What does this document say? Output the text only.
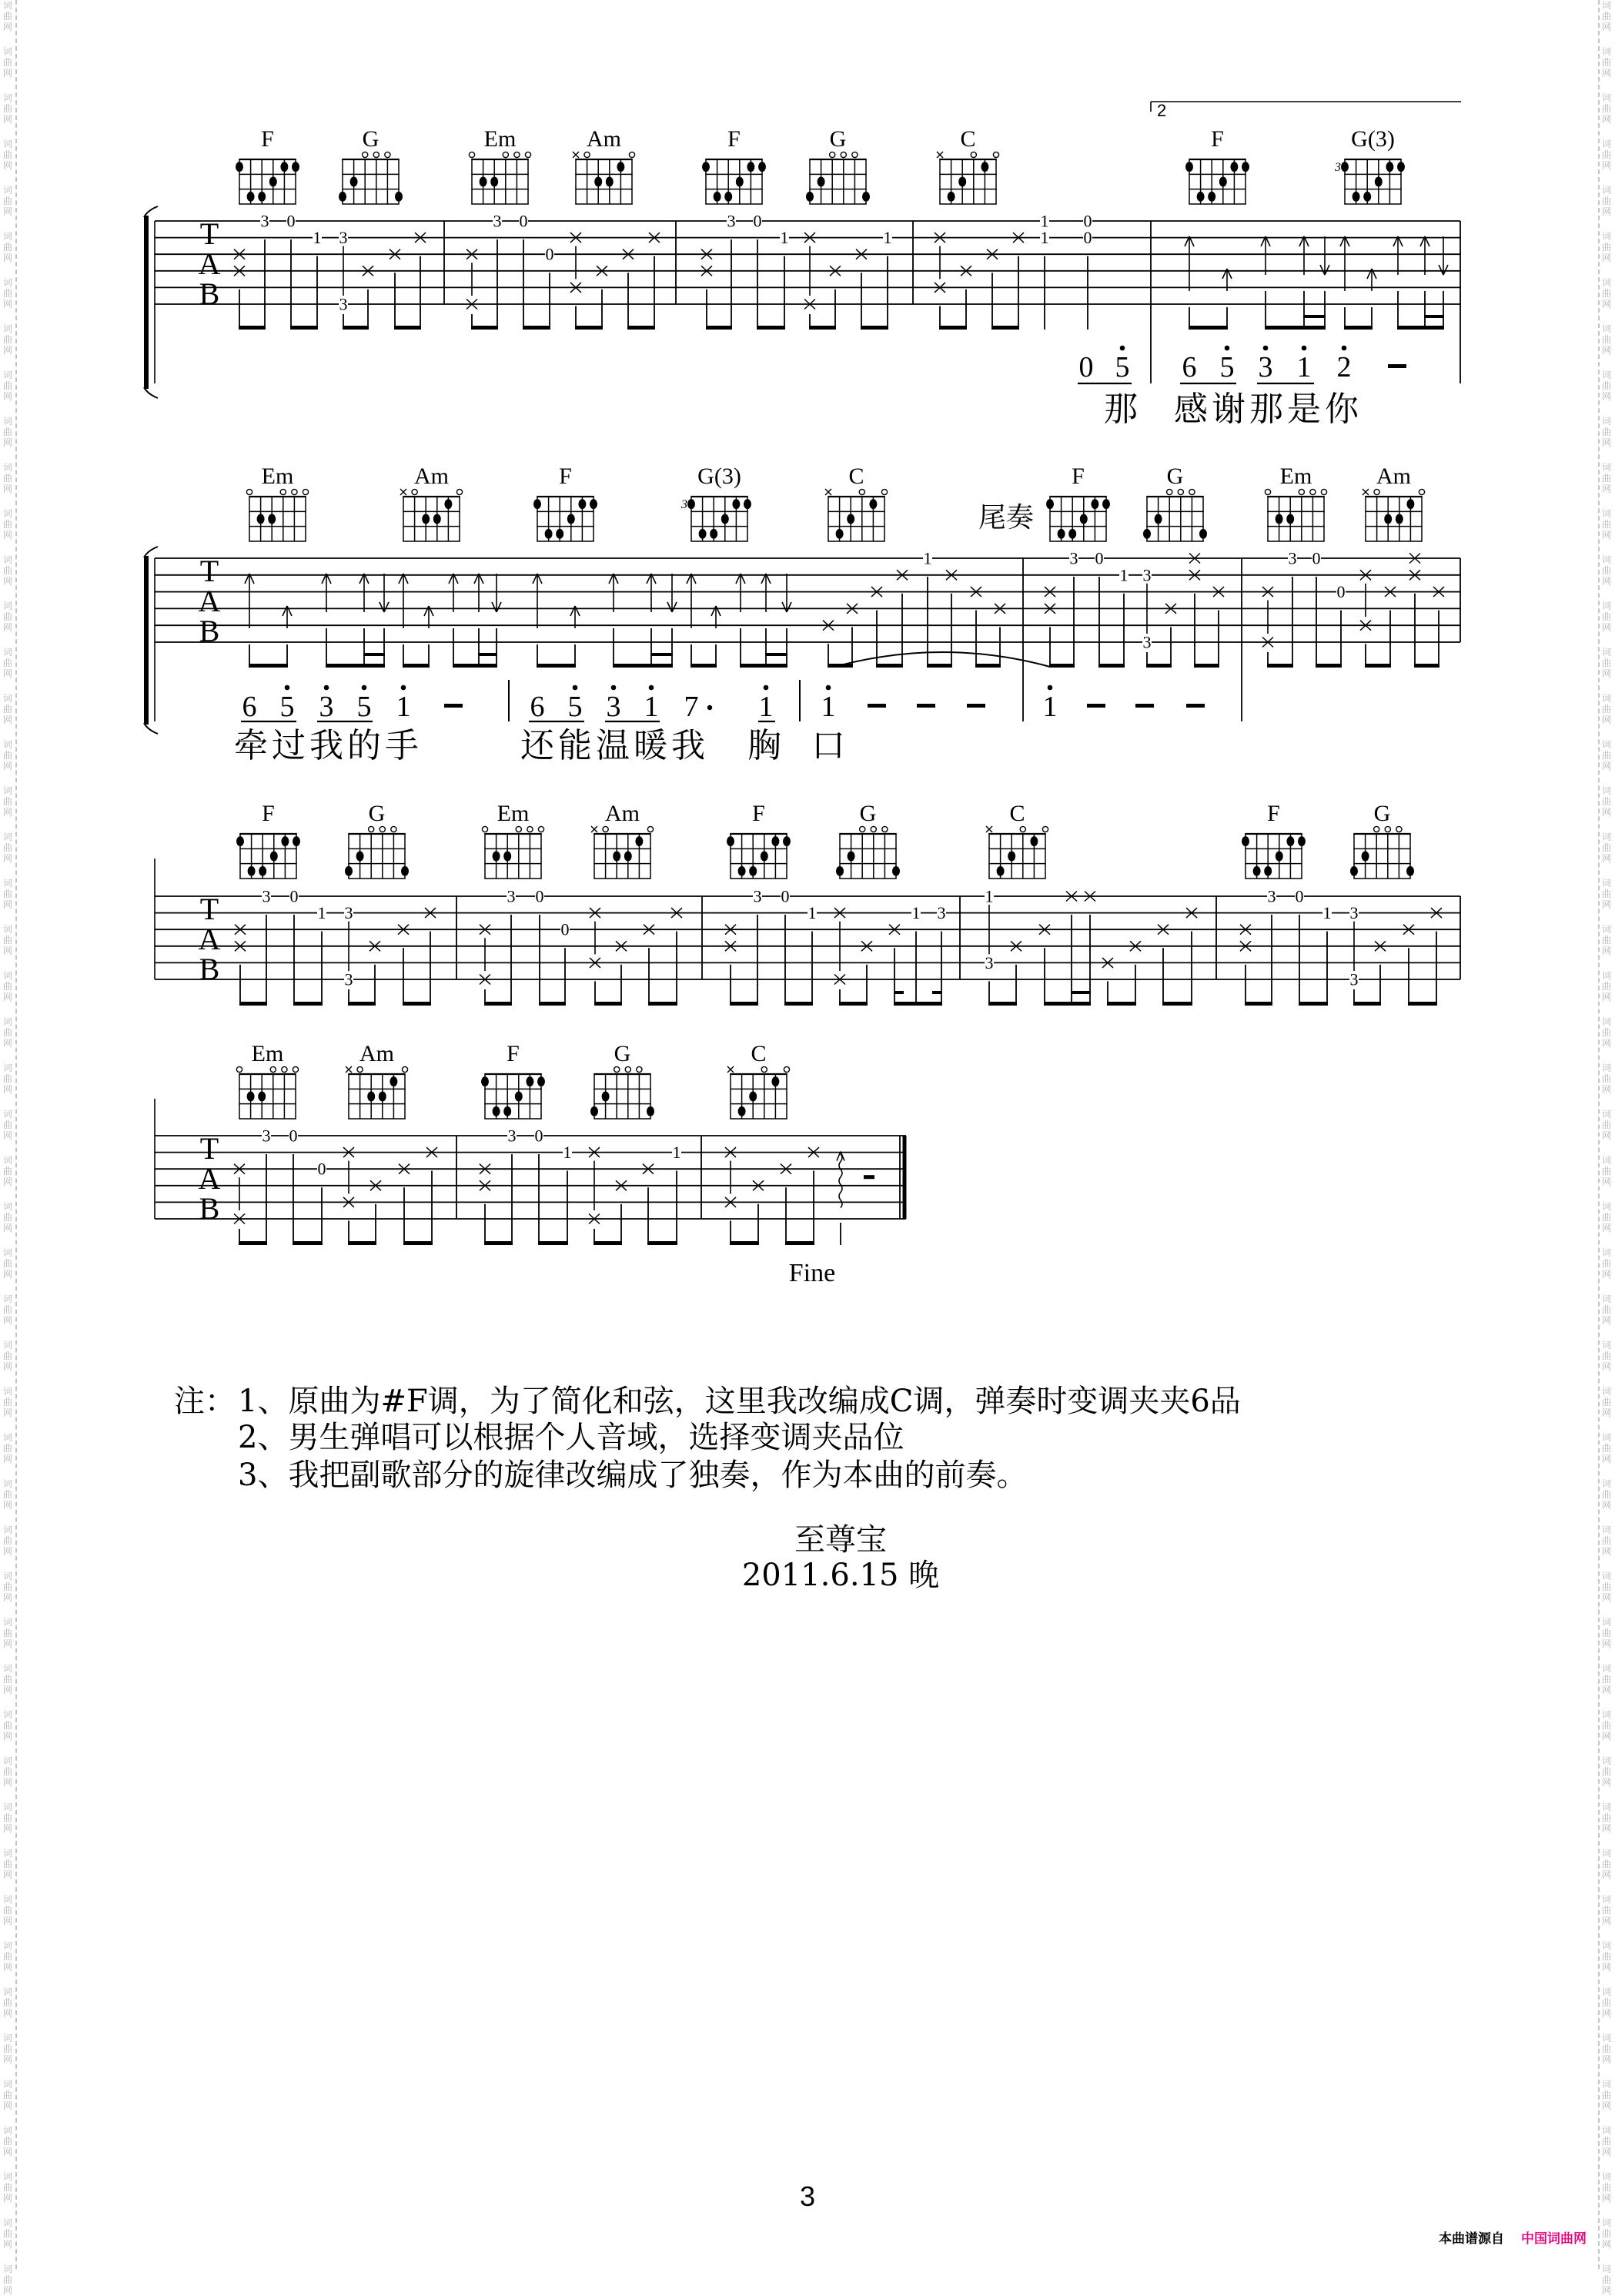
词
曲
网
词
曲
网
词
曲
网
词
曲
网
词
曲
网
词
曲
网
词
曲
网
词
曲
网
词
曲
网
词
曲
网
词
曲
网
词
曲
网
词
曲
网
词
曲
网
词
曲
网
词
曲
网
词
曲
网
词
曲
网
词
曲
网
词
曲
网
词
曲
网
词
曲
网
词
曲
网
词
曲
网
词
曲
网
词
曲
网
词
曲
网
词
曲
网
词
曲
网
词
曲
网
词
曲
网
词
曲
网
词
曲
网
词
曲
网
词
曲
网
词
曲
网
词
曲
网
词
曲
网
词
曲
网
词
曲
网
词
曲
网
词
曲
网
词
曲
网
词
曲
网
词
曲
网
词
曲
网
词
曲
网
词
曲
网
词
曲
网
词
曲
网
词
曲
网
词
曲
网
词
曲
网
词
曲
网
词
曲
网
词
曲
网
词
曲
网
词
曲
网
词
曲
网
词
曲
网
词
曲
网
词
曲
网
词
曲
网
词
曲
网
词
曲
网
词
曲
网
词
曲
网
词
曲
网
词
曲
网
词
曲
网
词
曲
网
词
曲
网
词
曲
网
词
曲
网
词
曲
网
词
曲
网
词
曲
网
词
曲
网
词
曲
网
词
曲
网
词
曲
网
词
曲
网
词
曲
网
词
曲
网
词
曲
网
词
曲
网
词
曲
网
词
曲
网
词
曲
网
词
曲
网
词
曲
网
词
曲
网
词
曲
网
词
曲
网
词
曲
网
词
曲
网
词
曲
网
词
曲
网
词
曲
网
词
曲
网
T
A
B
2
F	G	Em	Am	F	G	C	F	G(3)
3
3 0
1 3
3
3 0
0
3 0
1	1
1
1
0
0
0 5 6 5 3 1 2
那 感 谢 那 是 你
T
A
B
Em	Am	F	G(3)
3
C	F	G	Em	Am
1	3 0
1 3
3
3 0
0
尾奏
6 5 3 5 1	6 5 3 1 7 1 1	1
牵 过 我 的 手	还 能 温 暖 我 胸 口
T
A
B
F	G	Em	Am	F	G	C	F	G
3 0
1 3
3
3 0
0
3 0
1	1 3
1
3
3 0
1 3
3
T
A
B
Em	Am	F	G	C
3 0
0
3 0
1	1
Fine
注： 1、原曲为#F调，为了简化和弦，这里我改编成C调，弹奏时变调夹夹6品
2、男生弹唱可以根据个人音域，选择变调夹品位
3、我把副歌部分的旋律改编成了独奏，作为本曲的前奏。
至尊宝
2011.6.15 晚
3
本曲谱源自 中国词曲网
